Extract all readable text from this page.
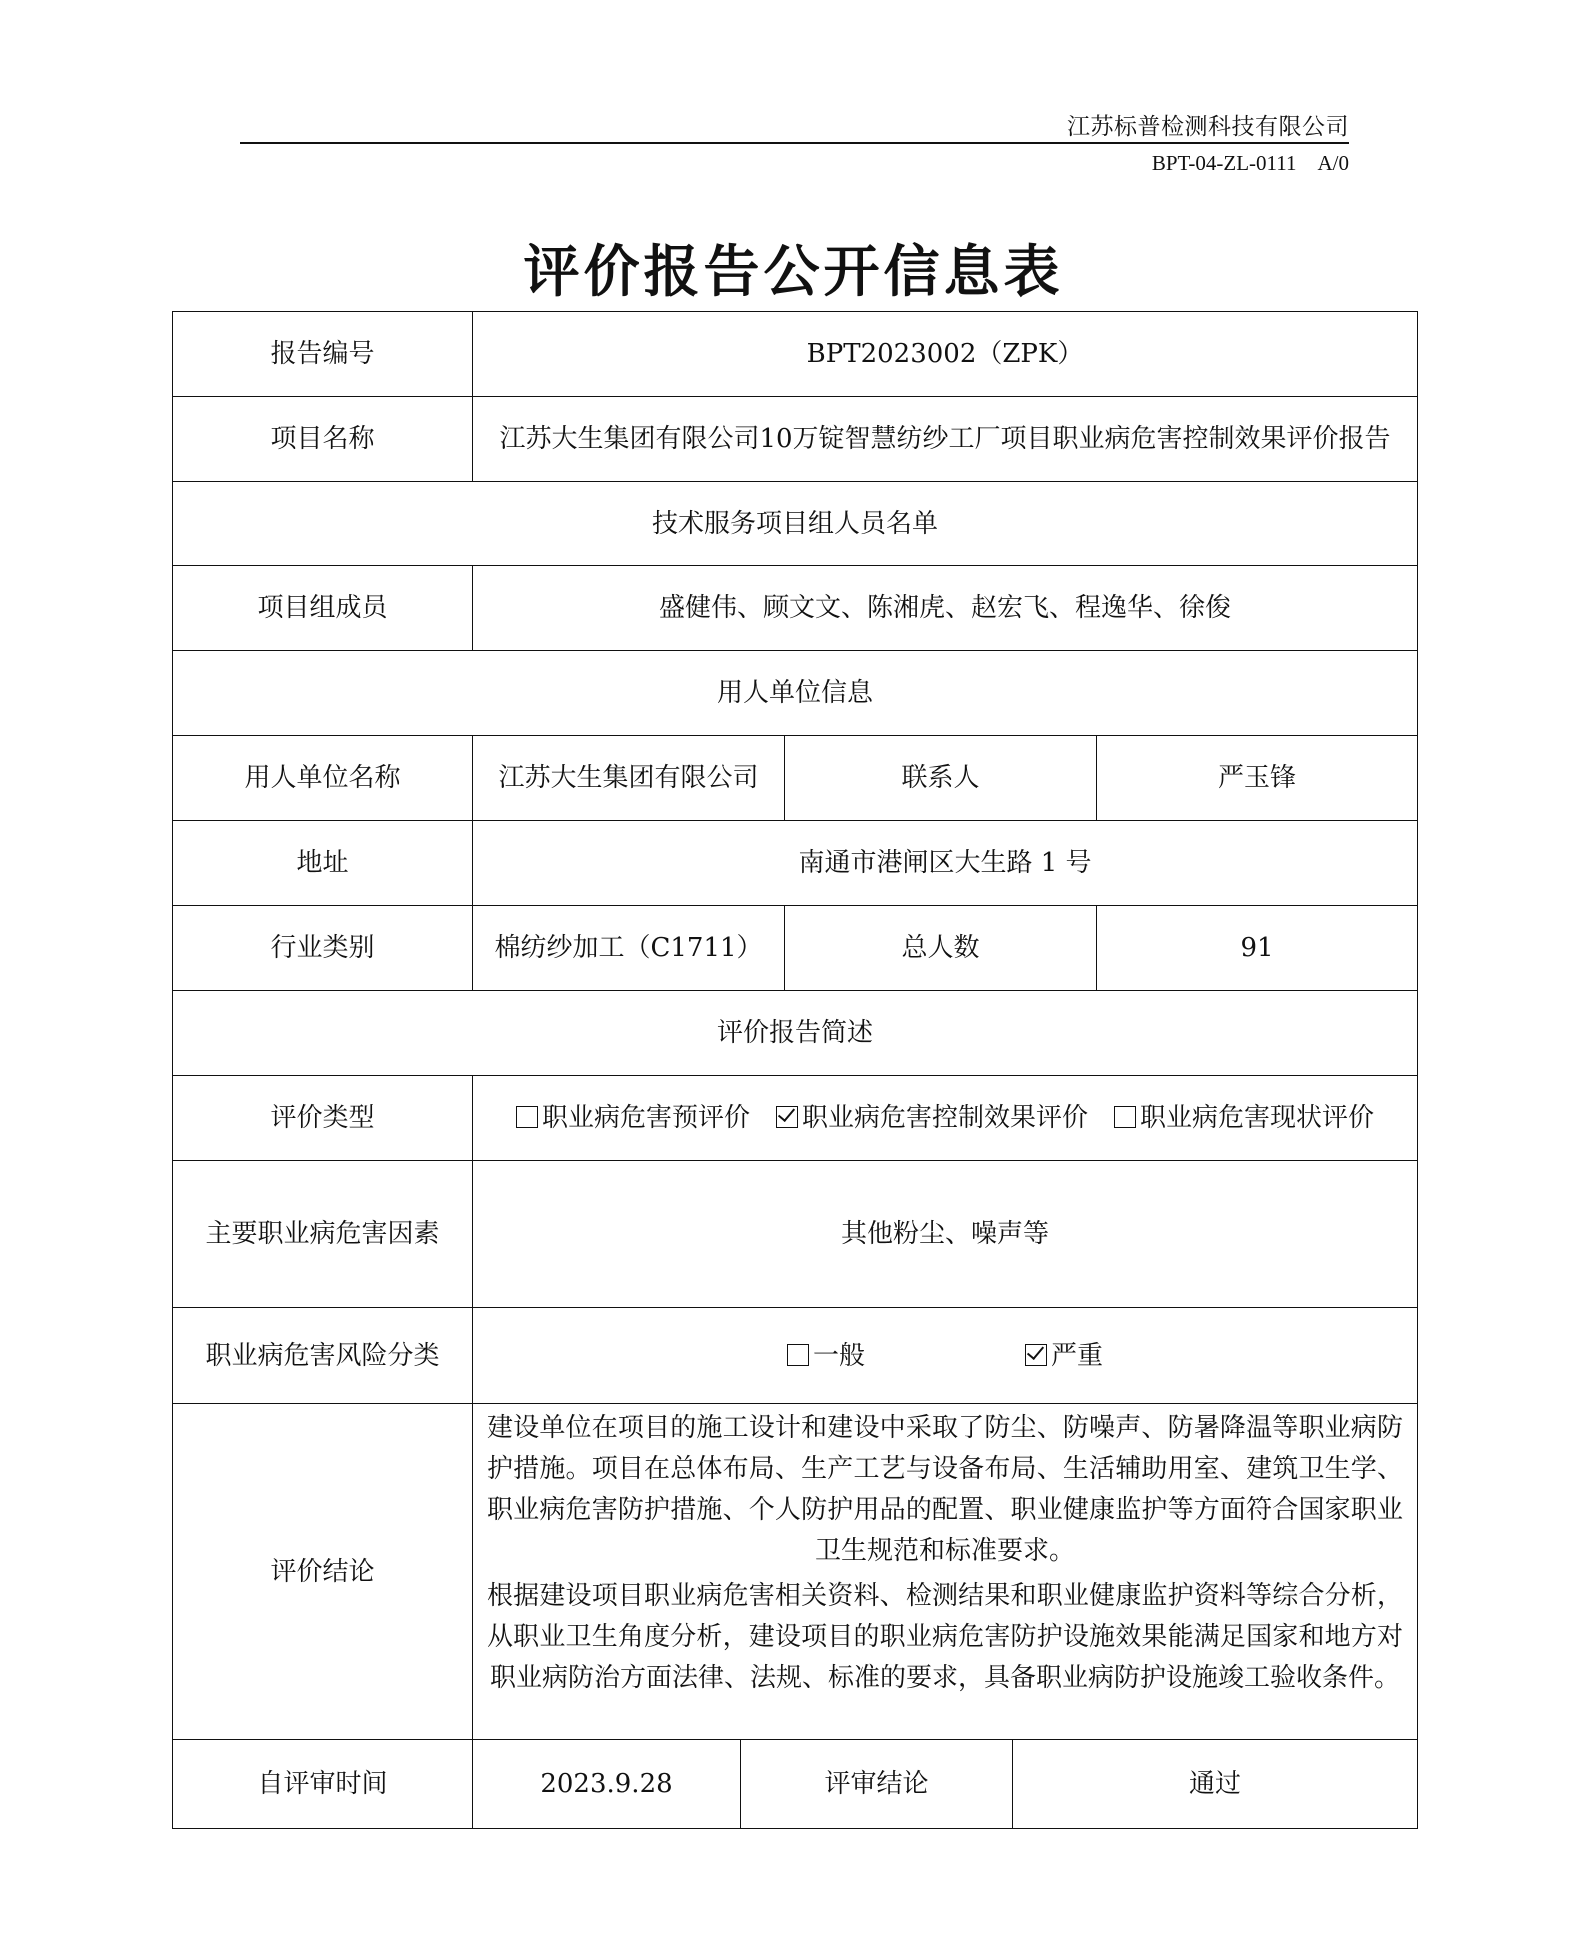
江苏标普检测科技有限公司
BPT-04-ZL-0111　A/0
评价报告公开信息表
报告编号	BPT2023002（ZPK）
项目名称	江苏大生集团有限公司10万锭智慧纺纱工厂项目职业病危害控制效果评价报告
技术服务项目组人员名单
项目组成员	盛健伟、顾文文、陈湘虎、赵宏飞、程逸华、徐俊
用人单位信息
用人单位名称	江苏大生集团有限公司	联系人	严玉锋
地址	南通市港闸区大生路 1 号
行业类别	棉纺纱加工（C1711）	总人数	91
评价报告简述
评价类型	职业病危害预评价	职业病危害控制效果评价	职业病危害现状评价
主要职业病危害因素	其他粉尘、噪声等
职业病危害风险分类	一般	严重
评价结论
建设单位在项目的施工设计和建设中采取了防尘、防噪声、防暑降温等职业病防护措施。项目在总体布局、生产工艺与设备布局、生活辅助用室、建筑卫生学、职业病危害防护措施、个人防护用品的配置、职业健康监护等方面符合国家职业卫生规范和标准要求。
根据建设项目职业病危害相关资料、检测结果和职业健康监护资料等综合分析，从职业卫生角度分析，建设项目的职业病危害防护设施效果能满足国家和地方对职业病防治方面法律、法规、标准的要求，具备职业病防护设施竣工验收条件。
自评审时间	2023.9.28	评审结论	通过
